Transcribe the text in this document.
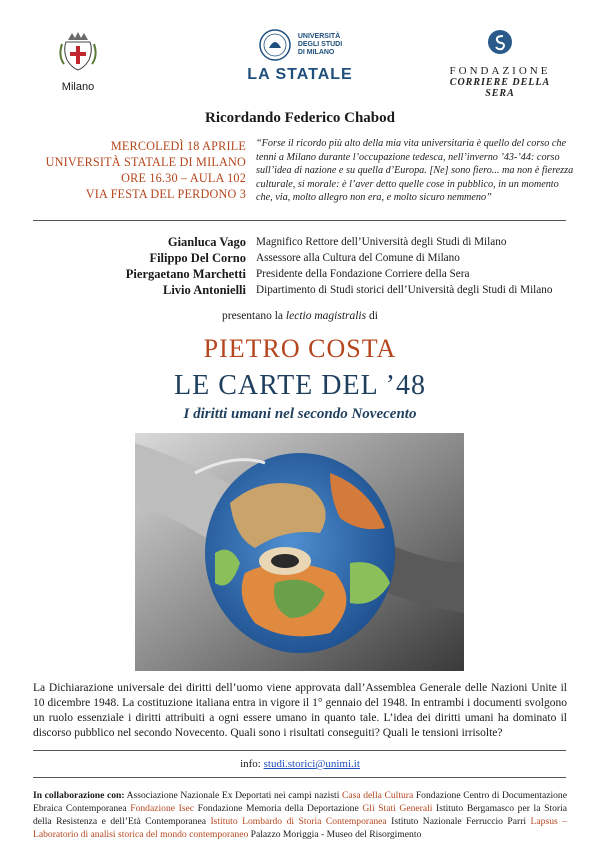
Milano
UNIVERSITÀ
DEGLI STUDI
DI MILANO
LA STATALE	FONDAZIONE
CORRIERE DELLA SERA
Ricordando Federico Chabod
MERCOLEDÌ 18 APRILE
UNIVERSITÀ STATALE DI MILANO
ORE 16.30 – AULA 102
VIA FESTA DEL PERDONO 3
“Forse il ricordo più alto della mia vita universitaria è quello del corso che tenni a Milano durante l’occupazione tedesca, nell’inverno ’43-’44: corso sull’idea di nazione e su quella d’Europa. [Ne] sono fiero... ma non è fierezza culturale, si morale: è l’aver detto quelle cose in pubblico, in un momento che, via, molto allegro non era, e molto sicuro nemmeno”
Gianluca Vago Magnifico Rettore dell’Università degli Studi di Milano
Filippo Del Corno Assessore alla Cultura del Comune di Milano
Piergaetano Marchetti Presidente della Fondazione Corriere della Sera
Livio Antonielli Dipartimento di Studi storici dell’Università degli Studi di Milano
presentano la lectio magistralis di
PIETRO COSTA
LE CARTE DEL ’48
I diritti umani nel secondo Novecento
La Dichiarazione universale dei diritti dell’uomo viene approvata dall’Assemblea Generale delle Nazioni Unite il 10 dicembre 1948. La costituzione italiana entra in vigore il 1° gennaio del 1948. In entrambi i documenti svolgono un ruolo essenziale i diritti attribuiti a ogni essere umano in quanto tale. L’idea dei diritti umani ha dominato il discorso pubblico nel secondo Novecento. Quali sono i risultati conseguiti? Quali le tensioni irrisolte?
info: studi.storici@unimi.it
In collaborazione con: Associazione Nazionale Ex Deportati nei campi nazisti Casa della Cultura Fondazione Centro di Documentazione Ebraica Contemporanea Fondazione Isec Fondazione Memoria della Deportazione Gli Stati Generali Istituto Bergamasco per la Storia della Resistenza e dell’Età Contemporanea Istituto Lombardo di Storia Contemporanea Istituto Nazionale Ferruccio Parri Lapsus – Laboratorio di analisi storica del mondo contemporaneo Palazzo Moriggia - Museo del Risorgimento
